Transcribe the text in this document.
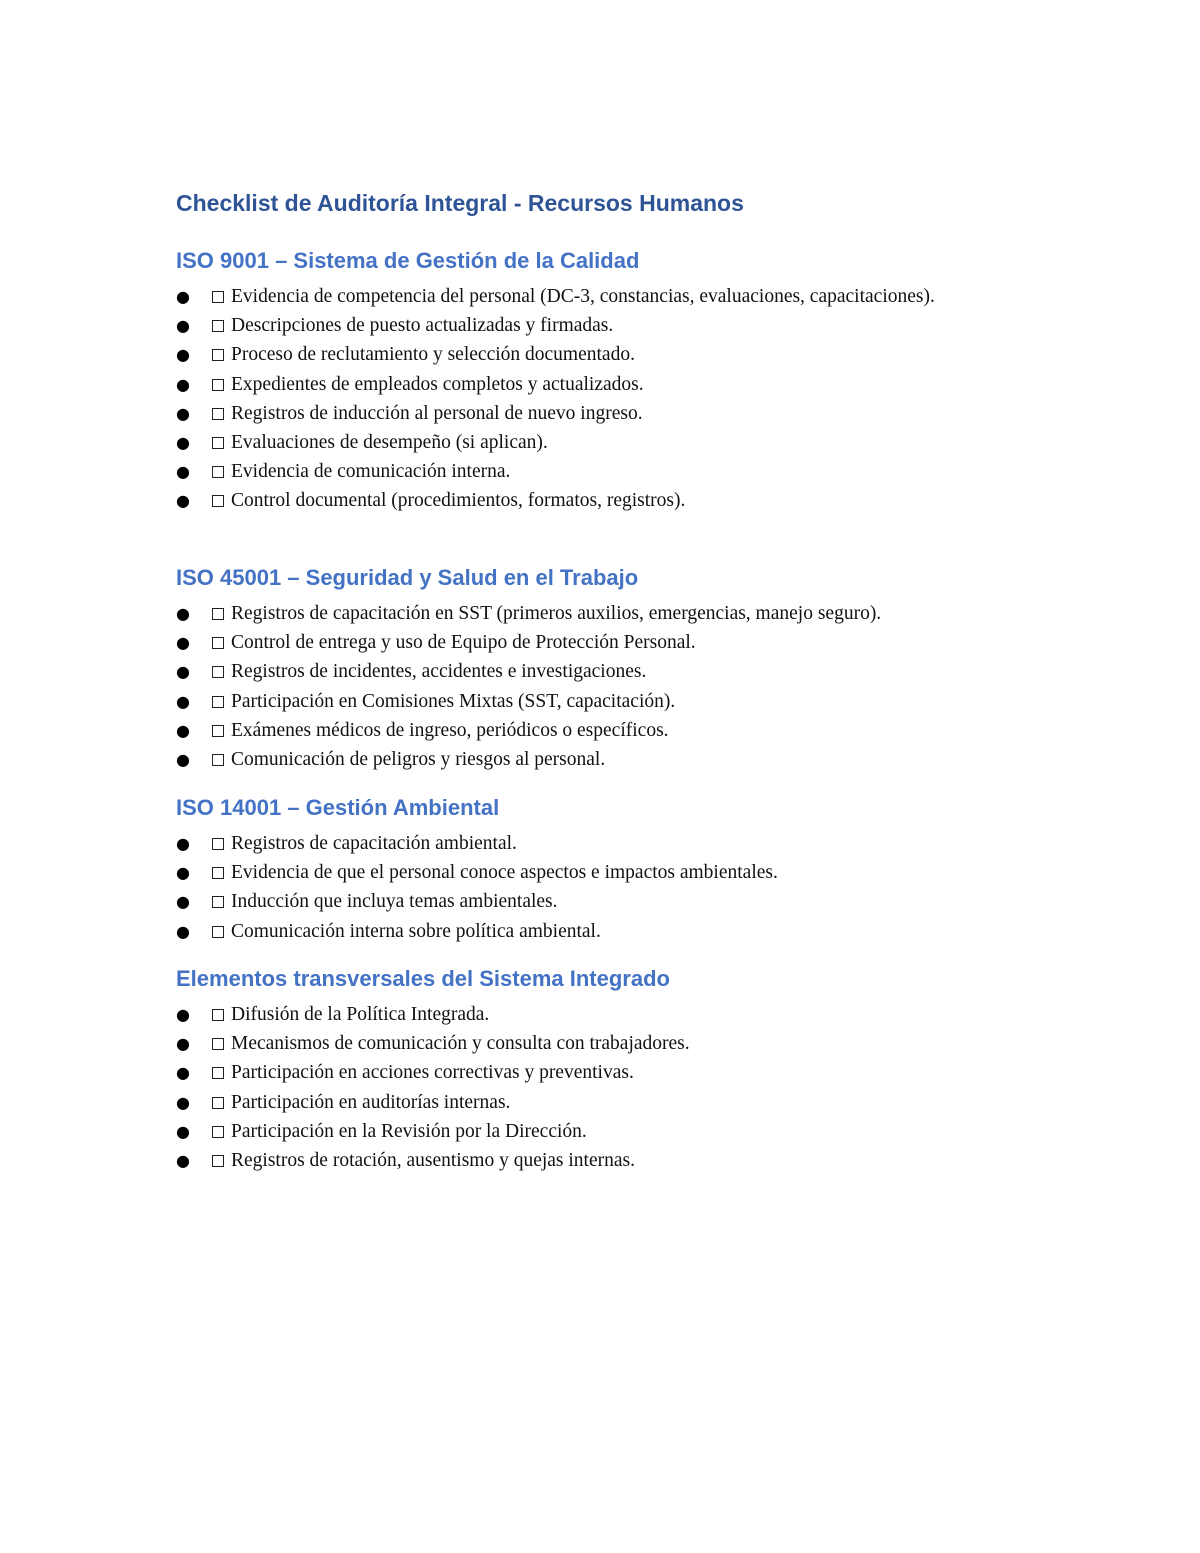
Checklist de Auditoría Integral - Recursos Humanos
ISO 9001 – Sistema de Gestión de la Calidad
● Evidencia de competencia del personal (DC-3, constancias, evaluaciones, capacitaciones).
● Descripciones de puesto actualizadas y firmadas.
● Proceso de reclutamiento y selección documentado.
● Expedientes de empleados completos y actualizados.
● Registros de inducción al personal de nuevo ingreso.
● Evaluaciones de desempeño (si aplican).
● Evidencia de comunicación interna.
● Control documental (procedimientos, formatos, registros).
ISO 45001 – Seguridad y Salud en el Trabajo
● Registros de capacitación en SST (primeros auxilios, emergencias, manejo seguro).
● Control de entrega y uso de Equipo de Protección Personal.
● Registros de incidentes, accidentes e investigaciones.
● Participación en Comisiones Mixtas (SST, capacitación).
● Exámenes médicos de ingreso, periódicos o específicos.
● Comunicación de peligros y riesgos al personal.
ISO 14001 – Gestión Ambiental
● Registros de capacitación ambiental.
● Evidencia de que el personal conoce aspectos e impactos ambientales.
● Inducción que incluya temas ambientales.
● Comunicación interna sobre política ambiental.
Elementos transversales del Sistema Integrado
● Difusión de la Política Integrada.
● Mecanismos de comunicación y consulta con trabajadores.
● Participación en acciones correctivas y preventivas.
● Participación en auditorías internas.
● Participación en la Revisión por la Dirección.
● Registros de rotación, ausentismo y quejas internas.
